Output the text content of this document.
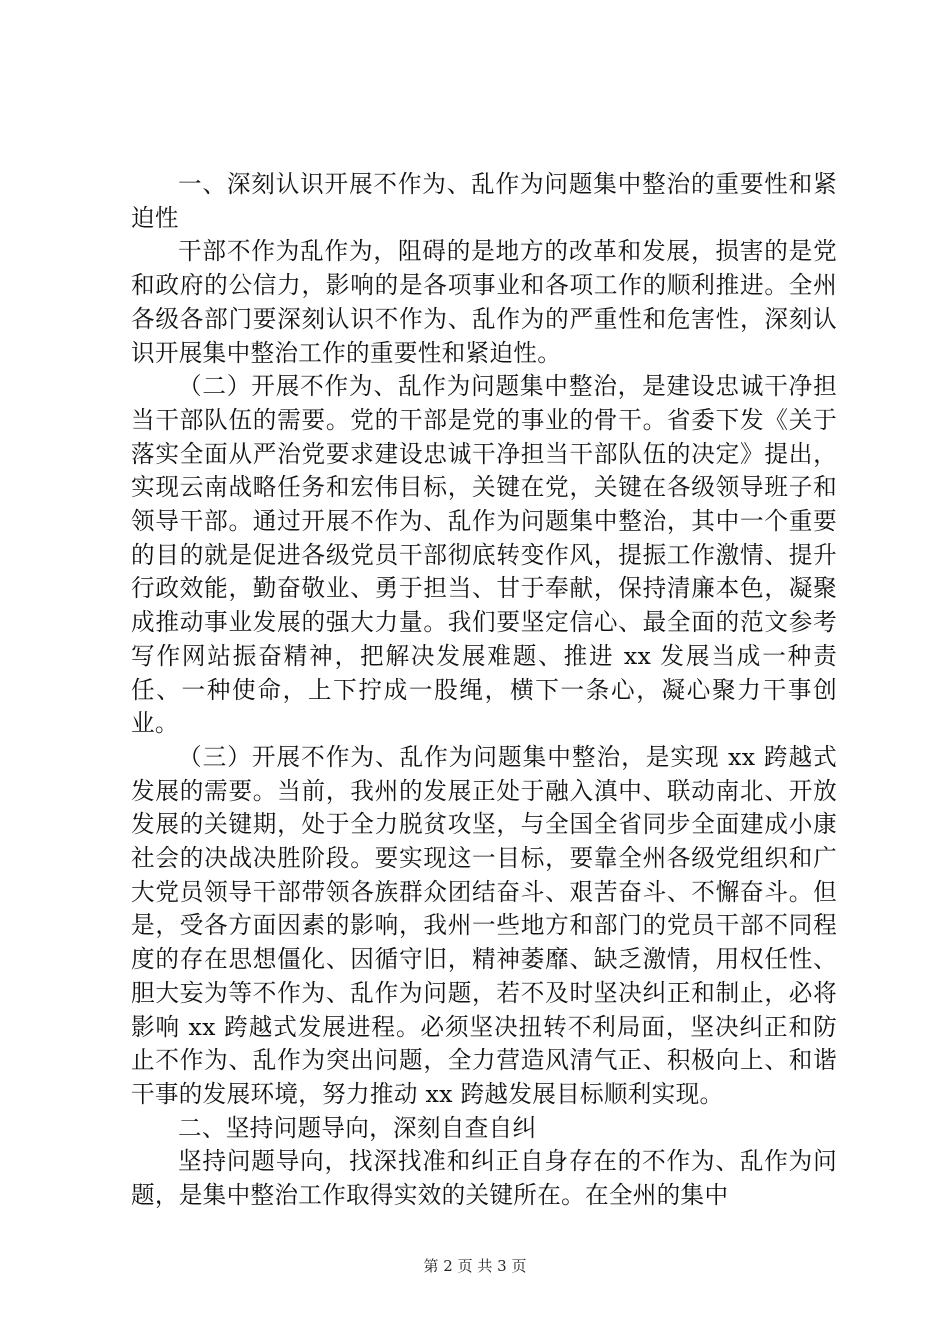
一、深刻认识开展不作为、乱作为问题集中整治的重要性和紧迫性

干部不作为乱作为，阻碍的是地方的改革和发展，损害的是党和政府的公信力，影响的是各项事业和各项工作的顺利推进。全州各级各部门要深刻认识不作为、乱作为的严重性和危害性，深刻认识开展集中整治工作的重要性和紧迫性。

（二）开展不作为、乱作为问题集中整治，是建设忠诚干净担当干部队伍的需要。党的干部是党的事业的骨干。省委下发《关于落实全面从严治党要求建设忠诚干净担当干部队伍的决定》提出，实现云南战略任务和宏伟目标，关键在党，关键在各级领导班子和领导干部。通过开展不作为、乱作为问题集中整治，其中一个重要的目的就是促进各级党员干部彻底转变作风，提振工作激情、提升行政效能，勤奋敬业、勇于担当、甘于奉献，保持清廉本色，凝聚成推动事业发展的强大力量。我们要坚定信心、最全面的范文参考写作网站振奋精神，把解决发展难题、推进 xx 发展当成一种责任、一种使命，上下拧成一股绳，横下一条心，凝心聚力干事创业。

（三）开展不作为、乱作为问题集中整治，是实现 xx 跨越式发展的需要。当前，我州的发展正处于融入滇中、联动南北、开放发展的关键期，处于全力脱贫攻坚，与全国全省同步全面建成小康社会的决战决胜阶段。要实现这一目标，要靠全州各级党组织和广大党员领导干部带领各族群众团结奋斗、艰苦奋斗、不懈奋斗。但是，受各方面因素的影响，我州一些地方和部门的党员干部不同程度的存在思想僵化、因循守旧，精神萎靡、缺乏激情，用权任性、胆大妄为等不作为、乱作为问题，若不及时坚决纠正和制止，必将影响 xx 跨越式发展进程。必须坚决扭转不利局面，坚决纠正和防止不作为、乱作为突出问题，全力营造风清气正、积极向上、和谐干事的发展环境，努力推动 xx 跨越发展目标顺利实现。

二、坚持问题导向，深刻自查自纠

坚持问题导向，找深找准和纠正自身存在的不作为、乱作为问题，是集中整治工作取得实效的关键所在。在全州的集中

第 2 页 共 3 页
